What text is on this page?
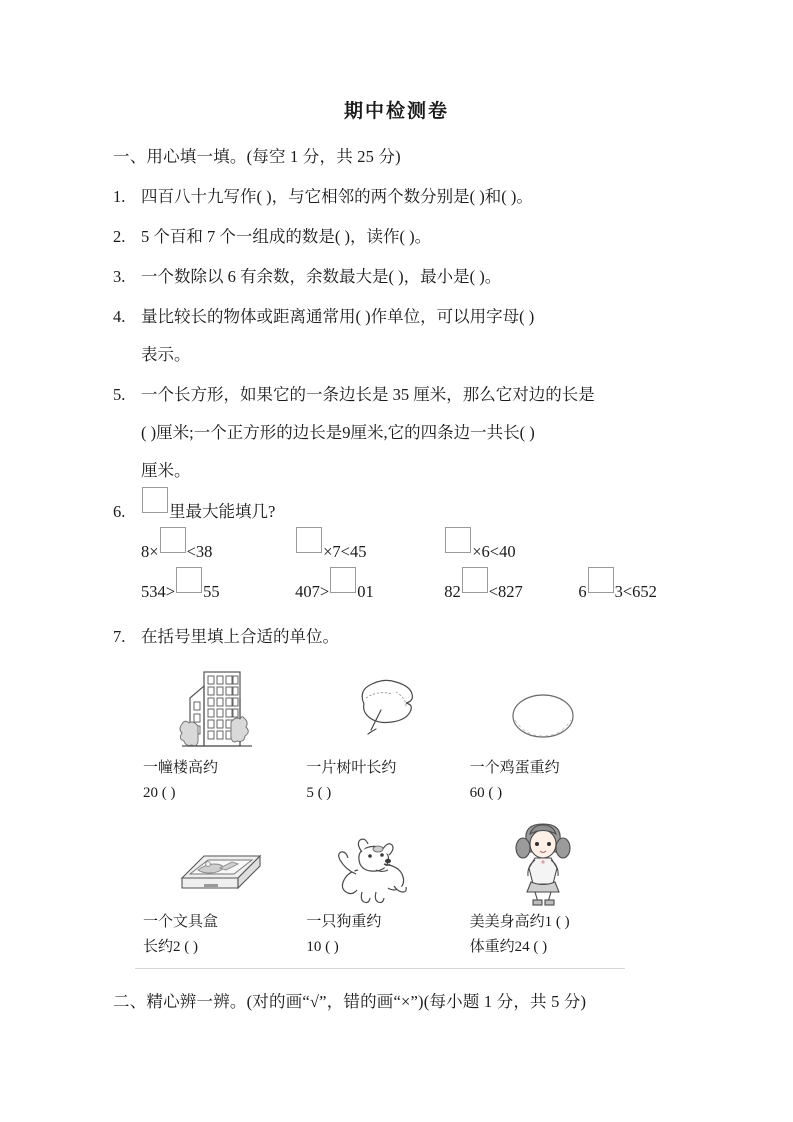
期中检测卷
一、用心填一填。(每空 1 分，共 25 分)
1. 四百八十九写作( )，与它相邻的两个数分别是( )和( )。
2. 5 个百和 7 个一组成的数是( )，读作( )。
3. 一个数除以 6 有余数，余数最大是( )，最小是( )。
4. 量比较长的物体或距离通常用( )作单位，可以用字母( )
表示。
5. 一个长方形，如果它的一条边长是 35 厘米，那么它对边的长是
( )厘米;一个正方形的边长是9厘米,它的四条边一共长( )
厘米。
6.	里最大能填几?
8× <38	×7<45	×6<40
534> 55	407> 01	82 <827	6 3<652
7. 在括号里填上合适的单位。
一幢楼高约
20 ( )
一片树叶长约
5 ( )
一个鸡蛋重约
60 ( )
一个文具盒
长约2 ( )
一只狗重约
10 ( )
美美身高约1 ( )
体重约24 ( )
二、精心辨一辨。(对的画“√”，错的画“×”)(每小题 1 分，共 5 分)
